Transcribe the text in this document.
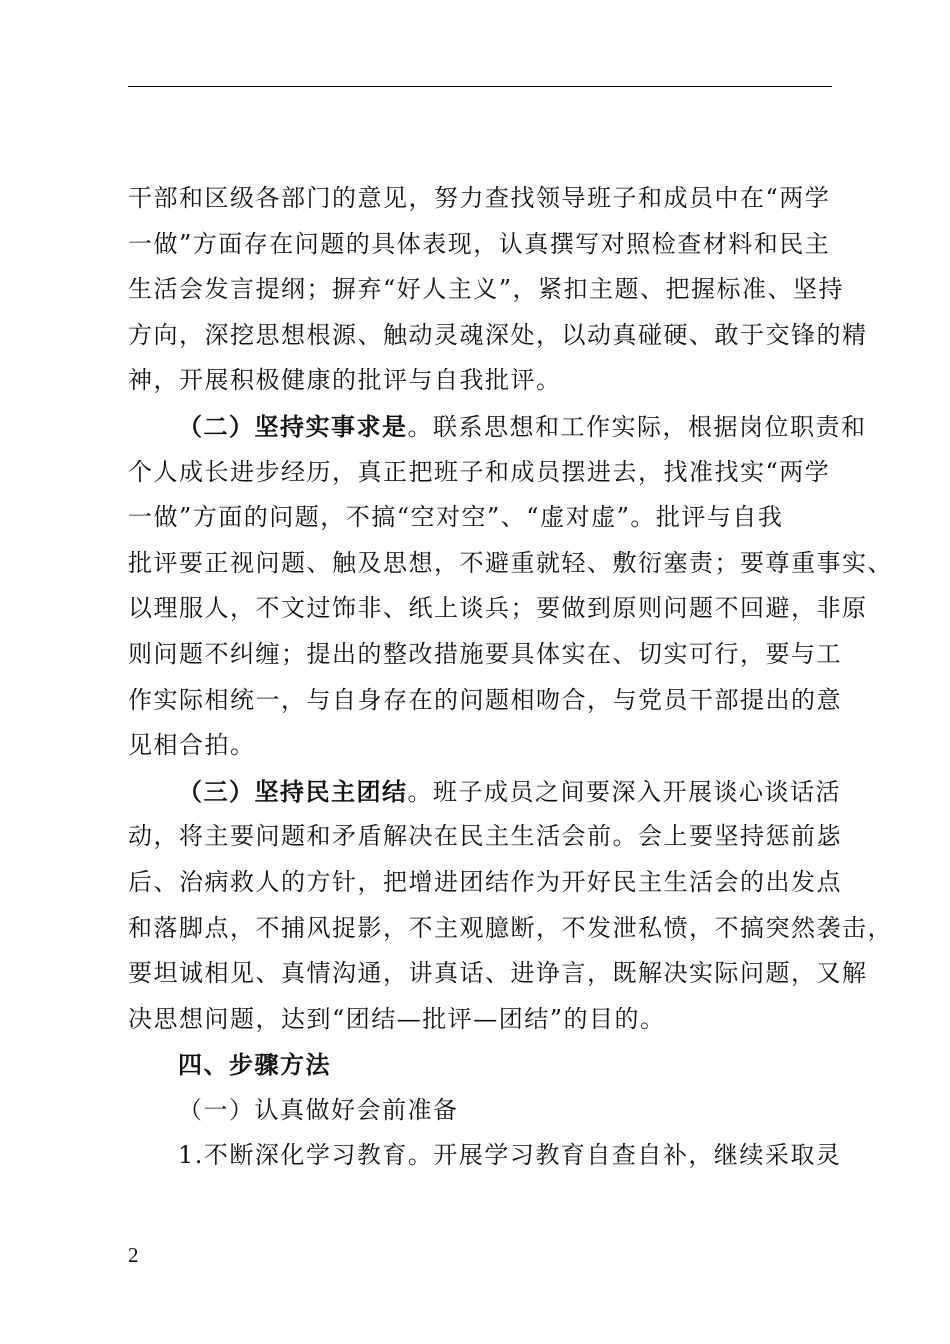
干部和区级各部门的意见，努力查找领导班子和成员中在“两学
一做”方面存在问题的具体表现，认真撰写对照检查材料和民主
生活会发言提纲；摒弃“好人主义”，紧扣主题、把握标准、坚持
方向，深挖思想根源、触动灵魂深处，以动真碰硬、敢于交锋的精
神，开展积极健康的批评与自我批评。
（二）坚持实事求是。联系思想和工作实际，根据岗位职责和
个人成长进步经历，真正把班子和成员摆进去，找准找实“两学
一做”方面的问题，不搞“空对空”、“虚对虚”。批评与自我
批评要正视问题、触及思想，不避重就轻、敷衍塞责；要尊重事实、
以理服人，不文过饰非、纸上谈兵；要做到原则问题不回避，非原
则问题不纠缠；提出的整改措施要具体实在、切实可行，要与工
作实际相统一，与自身存在的问题相吻合，与党员干部提出的意
见相合拍。
（三）坚持民主团结。班子成员之间要深入开展谈心谈话活
动，将主要问题和矛盾解决在民主生活会前。会上要坚持惩前毖
后、治病救人的方针，把增进团结作为开好民主生活会的出发点
和落脚点，不捕风捉影，不主观臆断，不发泄私愤，不搞突然袭击，
要坦诚相见、真情沟通，讲真话、进诤言，既解决实际问题，又解
决思想问题，达到“团结—批评—团结”的目的。
四、步骤方法
（一）认真做好会前准备
1.不断深化学习教育。开展学习教育自查自补，继续采取灵
2
